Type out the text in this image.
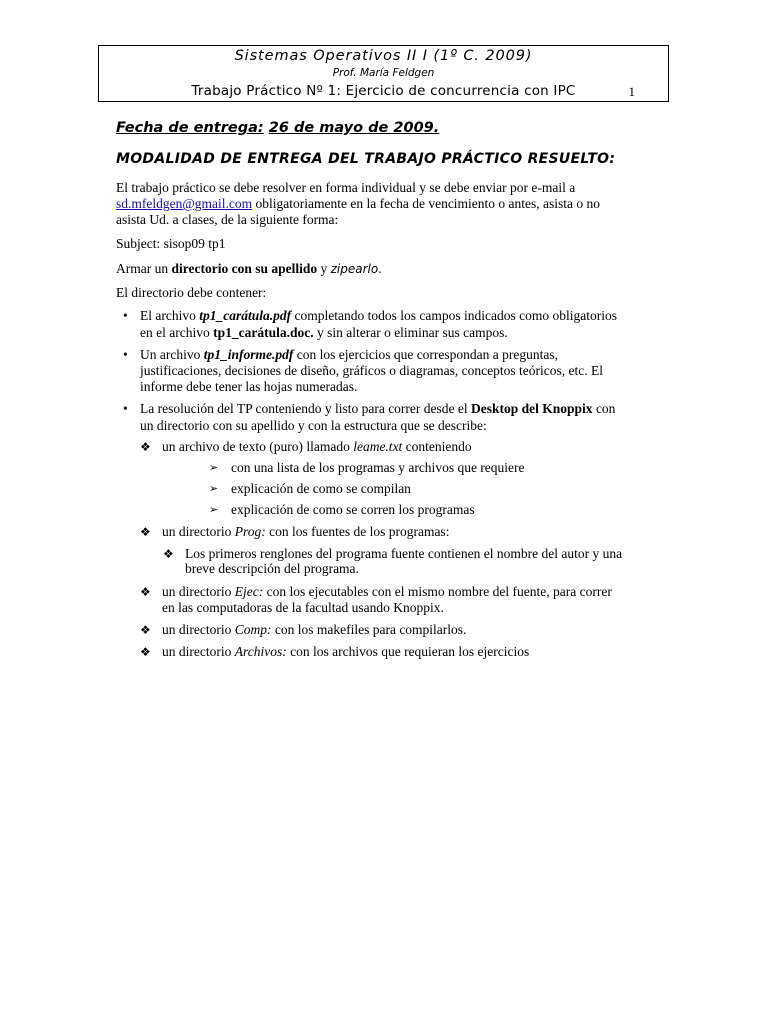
Sistemas Operativos II I (1º C. 2009)
Prof. María Feldgen
Trabajo Práctico Nº 1: Ejercicio de concurrencia con IPC	1
Fecha de entrega: 26 de mayo de 2009.
MODALIDAD DE ENTREGA DEL TRABAJO PRÁCTICO RESUELTO:
El trabajo práctico se debe resolver en forma individual y se debe enviar por e-mail a
sd.mfeldgen@gmail.com obligatoriamente en la fecha de vencimiento o antes, asista o no
asista Ud. a clases, de la siguiente forma:
Subject: sisop09 tp1
Armar un directorio con su apellido y zipearlo.
El directorio debe contener:
• El archivo tp1_carátula.pdf completando todos los campos indicados como obligatorios
en el archivo tp1_carátula.doc. y sin alterar o eliminar sus campos.
• Un archivo tp1_informe.pdf con los ejercicios que correspondan a preguntas,
justificaciones, decisiones de diseño, gráficos o diagramas, conceptos teóricos, etc. El
informe debe tener las hojas numeradas.
• La resolución del TP conteniendo y listo para correr desde el Desktop del Knoppix con
un directorio con su apellido y con la estructura que se describe:
❖ un archivo de texto (puro) llamado leame.txt conteniendo
➢ con una lista de los programas y archivos que requiere
➢ explicación de como se compilan
➢ explicación de como se corren los programas
❖ un directorio Prog: con los fuentes de los programas:
❖ Los primeros renglones del programa fuente contienen el nombre del autor y una
breve descripción del programa.
❖ un directorio Ejec: con los ejecutables con el mismo nombre del fuente, para correr
en las computadoras de la facultad usando Knoppix.
❖ un directorio Comp: con los makefiles para compilarlos.
❖ un directorio Archivos: con los archivos que requieran los ejercicios
